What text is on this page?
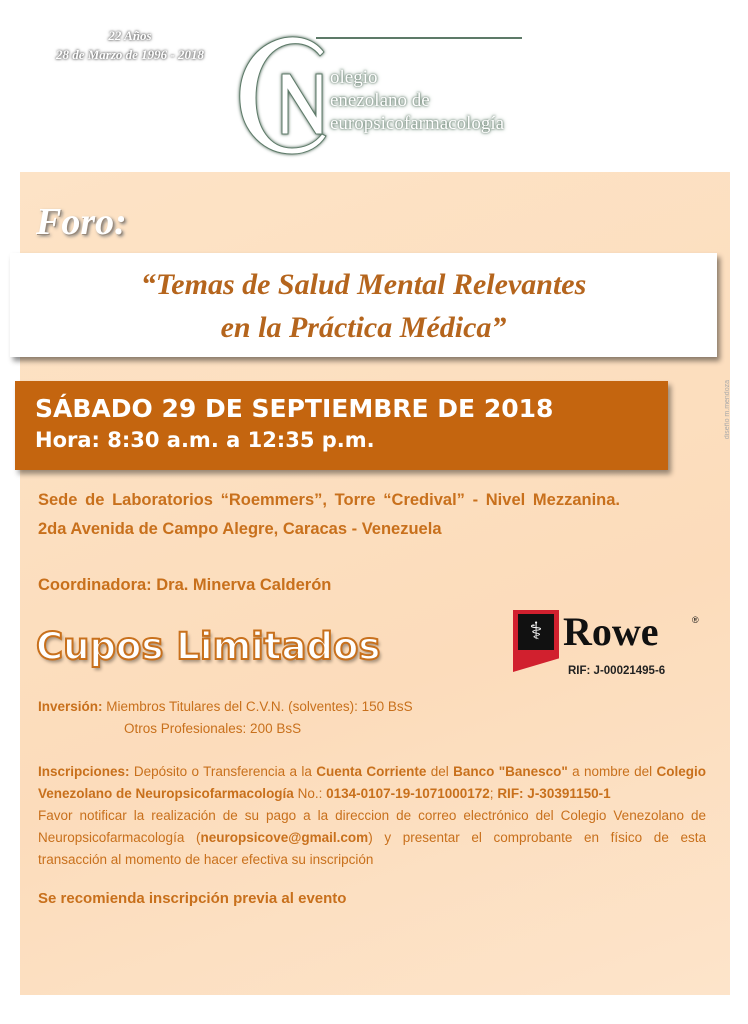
22 Años
28 de Marzo de 1996 - 2018
olegio
enezolano de
europsicofarmacología
Foro:
“Temas de Salud Mental Relevantes
en la Práctica Médica”
SÁBADO 29 DE SEPTIEMBRE DE 2018
Hora: 8:30 a.m. a 12:35 p.m.
diseño m.mendoza
⚕ Rowe	®
RIF: J-00021495-6
Sede de Laboratorios “Roemmers”, Torre “Credival” - Nivel Mezzanina. 2da Avenida de Campo Alegre, Caracas - Venezuela
Coordinadora: Dra. Minerva Calderón
Cupos Limitados
Inversión: Miembros Titulares del C.V.N. (solventes): 150 BsS
Otros Profesionales: 200 BsS
Inscripciones: Depósito o Transferencia a la Cuenta Corriente del Banco "Banesco" a nombre del Colegio Venezolano de Neuropsicofarmacología No.: 0134-0107-19-1071000172; RIF: J-30391150-1
Favor notificar la realización de su pago a la direccion de correo electrónico del Colegio Venezolano de Neuropsicofarmacología (neuropsicove@gmail.com) y presentar el comprobante en físico de esta transacción al momento de hacer efectiva su inscripción
Se recomienda inscripción previa al evento
